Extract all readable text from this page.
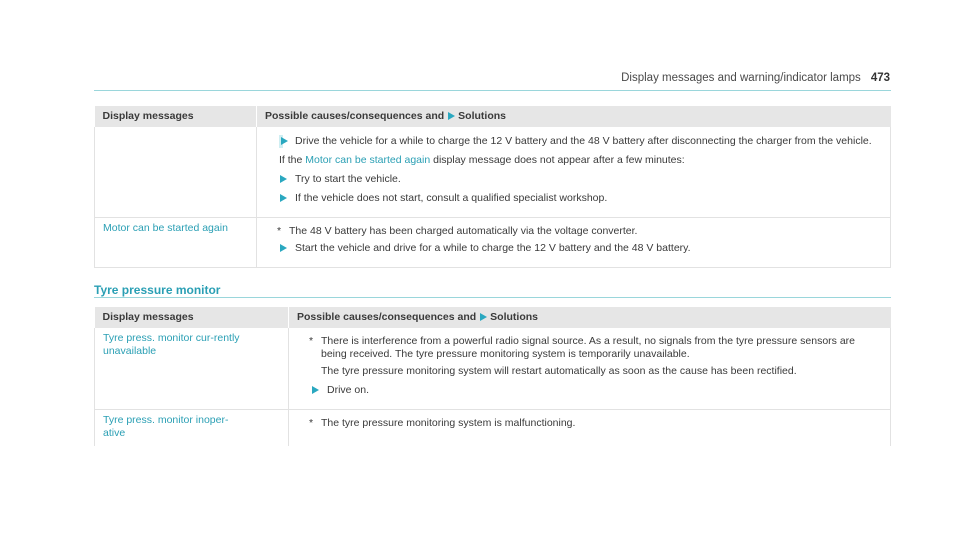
Display messages and warning/indicator lamps 473
Display messages	Possible causes/consequences and Solutions

Drive the vehicle for a while to charge the 12 V battery and the 48 V battery after disconnecting the charger from the vehicle.
If the Motor can be started again display message does not appear after a few minutes:
Try to start the vehicle.
If the vehicle does not start, consult a qualified specialist workshop.

Motor can be started again	* The 48 V battery has been charged automatically via the voltage converter.
Start the vehicle and drive for a while to charge the 12 V battery and the 48 V battery.
Tyre pressure monitor
Display messages	Possible causes/consequences and Solutions
Tyre press. monitor cur-rently unavailable	* There is interference from a powerful radio signal source. As a result, no signals from the tyre pressure sensors are being received. The tyre pressure monitoring system is temporarily unavailable.
The tyre pressure monitoring system will restart automatically as soon as the cause has been rectified.
Drive on.

Tyre press. monitor inoper-ative	* The tyre pressure monitoring system is malfunctioning.
